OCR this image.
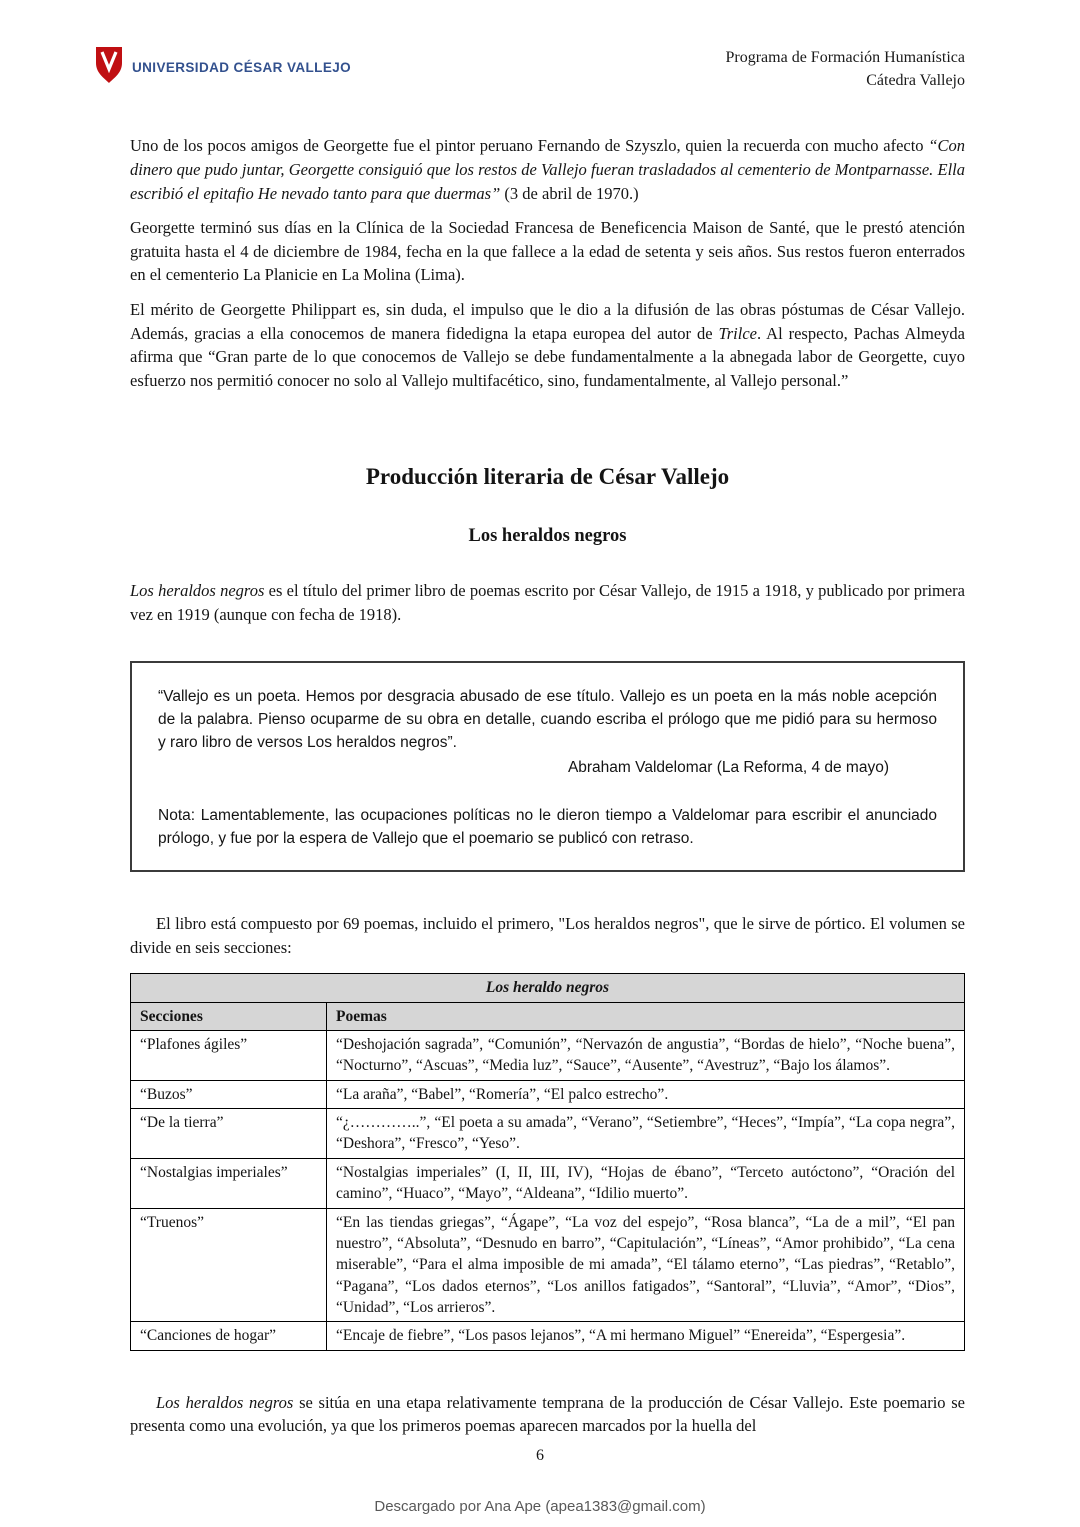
UNIVERSIDAD CÉSAR VALLEJO
Programa de Formación Humanística
Cátedra Vallejo

Uno de los pocos amigos de Georgette fue el pintor peruano Fernando de Szyszlo, quien la recuerda con mucho afecto “Con dinero que pudo juntar, Georgette consiguió que los restos de Vallejo fueran trasladados al cementerio de Montparnasse. Ella escribió el epitafio He nevado tanto para que duermas” (3 de abril de 1970.)

Georgette terminó sus días en la Clínica de la Sociedad Francesa de Beneficencia Maison de Santé, que le prestó atención gratuita hasta el 4 de diciembre de 1984, fecha en la que fallece a la edad de setenta y seis años. Sus restos fueron enterrados en el cementerio La Planicie en La Molina (Lima).

El mérito de Georgette Philippart es, sin duda, el impulso que le dio a la difusión de las obras póstumas de César Vallejo. Además, gracias a ella conocemos de manera fidedigna la etapa europea del autor de Trilce. Al respecto, Pachas Almeyda afirma que “Gran parte de lo que conocemos de Vallejo se debe fundamentalmente a la abnegada labor de Georgette, cuyo esfuerzo nos permitió conocer no solo al Vallejo multifacético, sino, fundamentalmente, al Vallejo personal.”

Producción literaria de César Vallejo
Los heraldos negros

Los heraldos negros es el título del primer libro de poemas escrito por César Vallejo, de 1915 a 1918, y publicado por primera vez en 1919 (aunque con fecha de 1918).

“Vallejo es un poeta. Hemos por desgracia abusado de ese título. Vallejo es un poeta en la más noble acepción de la palabra. Pienso ocuparme de su obra en detalle, cuando escriba el prólogo que me pidió para su hermoso y raro libro de versos Los heraldos negros”.
Abraham Valdelomar (La Reforma, 4 de mayo)
Nota: Lamentablemente, las ocupaciones políticas no le dieron tiempo a Valdelomar para escribir el anunciado prólogo, y fue por la espera de Vallejo que el poemario se publicó con retraso.

El libro está compuesto por 69 poemas, incluido el primero, "Los heraldos negros", que le sirve de pórtico. El volumen se divide en seis secciones:

Los heraldo negros	
Secciones	Poemas
“Plafones ágiles”	“Deshojación sagrada”, “Comunión”, “Nervazón de angustia”, “Bordas de hielo”, “Noche buena”, “Nocturno”, “Ascuas”, “Media luz”, “Sauce”, “Ausente”, “Avestruz”, “Bajo los álamos”.
“Buzos”	“La araña”, “Babel”, “Romería”, “El palco estrecho”.
“De la tierra”	“¿…………..”, “El poeta a su amada”, “Verano”, “Setiembre”, “Heces”, “Impía”, “La copa negra”, “Deshora”, “Fresco”, “Yeso”.
“Nostalgias imperiales”	“Nostalgias imperiales” (I, II, III, IV), “Hojas de ébano”, “Terceto autóctono”, “Oración del camino”, “Huaco”, “Mayo”, “Aldeana”, “Idilio muerto”.
“Truenos”	“En las tiendas griegas”, “Ágape”, “La voz del espejo”, “Rosa blanca”, “La de a mil”, “El pan nuestro”, “Absoluta”, “Desnudo en barro”, “Capitulación”, “Líneas”, “Amor prohibido”, “La cena miserable”, “Para el alma imposible de mi amada”, “El tálamo eterno”, “Las piedras”, “Retablo”, “Pagana”, “Los dados eternos”, “Los anillos fatigados”, “Santoral”, “Lluvia”, “Amor”, “Dios”, “Unidad”, “Los arrieros”.
“Canciones de hogar”	“Encaje de fiebre”, “Los pasos lejanos”, “A mi hermano Miguel” “Enereida”, “Espergesia”.

Los heraldos negros se sitúa en una etapa relativamente temprana de la producción de César Vallejo. Este poemario se presenta como una evolución, ya que los primeros poemas aparecen marcados por la huella del

6
Descargado por Ana Ape (apea1383@gmail.com)
